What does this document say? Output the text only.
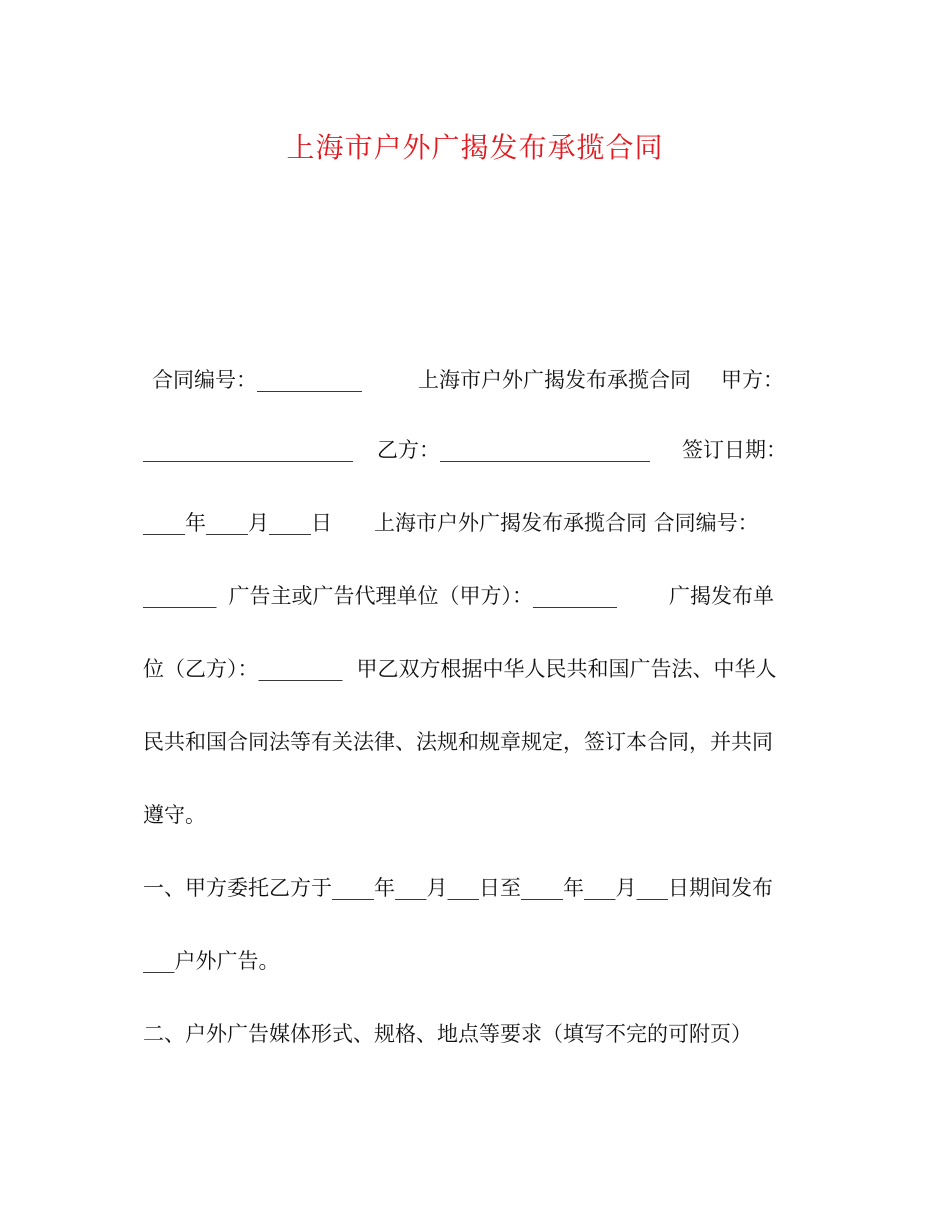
上海市户外广揭发布承揽合同
合同编号：__________	上海市户外广揭发布承揽合同 甲方：
____________________ 乙方：____________________ 签订日期：
____年____月____日 上海市户外广揭发布承揽合同 合同编号：
_______ 广告主或广告代理单位（甲方）：________ 广揭发布单
位（乙方）：________ 甲乙双方根据中华人民共和国广告法、中华人
民共和国合同法等有关法律、法规和规章规定，签订本合同，并共同
遵守。
一、甲方委托乙方于____年___月___日至____年___月___日期间发布
___户外广告。
二、户外广告媒体形式、规格、地点等要求（填写不完的可附页）
